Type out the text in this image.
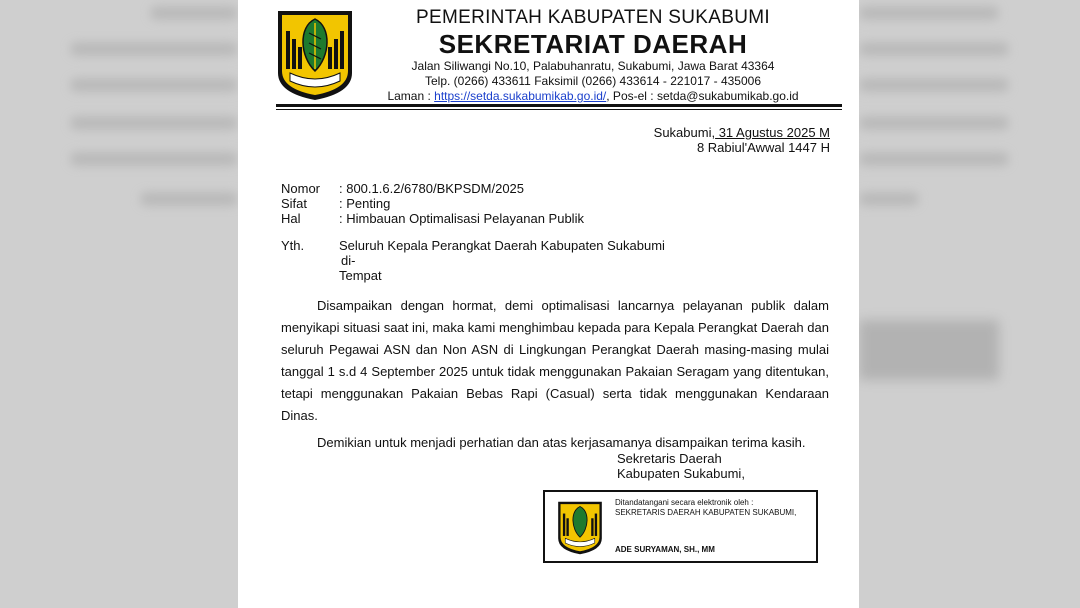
PEMERINTAH KABUPATEN SUKABUMI
SEKRETARIAT DAERAH
Jalan Siliwangi No.10, Palabuhanratu, Sukabumi, Jawa Barat 43364
Telp. (0266) 433611 Faksimil (0266) 433614 - 221017 - 435006
Laman : https://setda.sukabumikab.go.id/, Pos-el : setda@sukabumikab.go.id
Sukabumi, 31 Agustus 2025 M
8 Rabiul'Awwal 1447 H
Nomor	: 800.1.6.2/6780/BKPSDM/2025
Sifat	: Penting
Hal	: Himbauan Optimalisasi Pelayanan Publik
Yth.	Seluruh Kepala Perangkat Daerah Kabupaten Sukabumi
di-
Tempat

Disampaikan dengan hormat, demi optimalisasi lancarnya pelayanan publik dalam menyikapi situasi saat ini, maka kami menghimbau kepada para Kepala Perangkat Daerah dan seluruh Pegawai ASN dan Non ASN di Lingkungan Perangkat Daerah masing-masing mulai tanggal 1 s.d 4 September 2025 untuk tidak menggunakan Pakaian Seragam yang ditentukan, tetapi menggunakan Pakaian Bebas Rapi (Casual) serta tidak menggunakan Kendaraan Dinas.

Demikian untuk menjadi perhatian dan atas kerjasamanya disampaikan terima kasih.
Sekretaris Daerah
Kabupaten Sukabumi,
Ditandatangani secara elektronik oleh :
SEKRETARIS DAERAH KABUPATEN SUKABUMI,
ADE SURYAMAN, SH., MM
